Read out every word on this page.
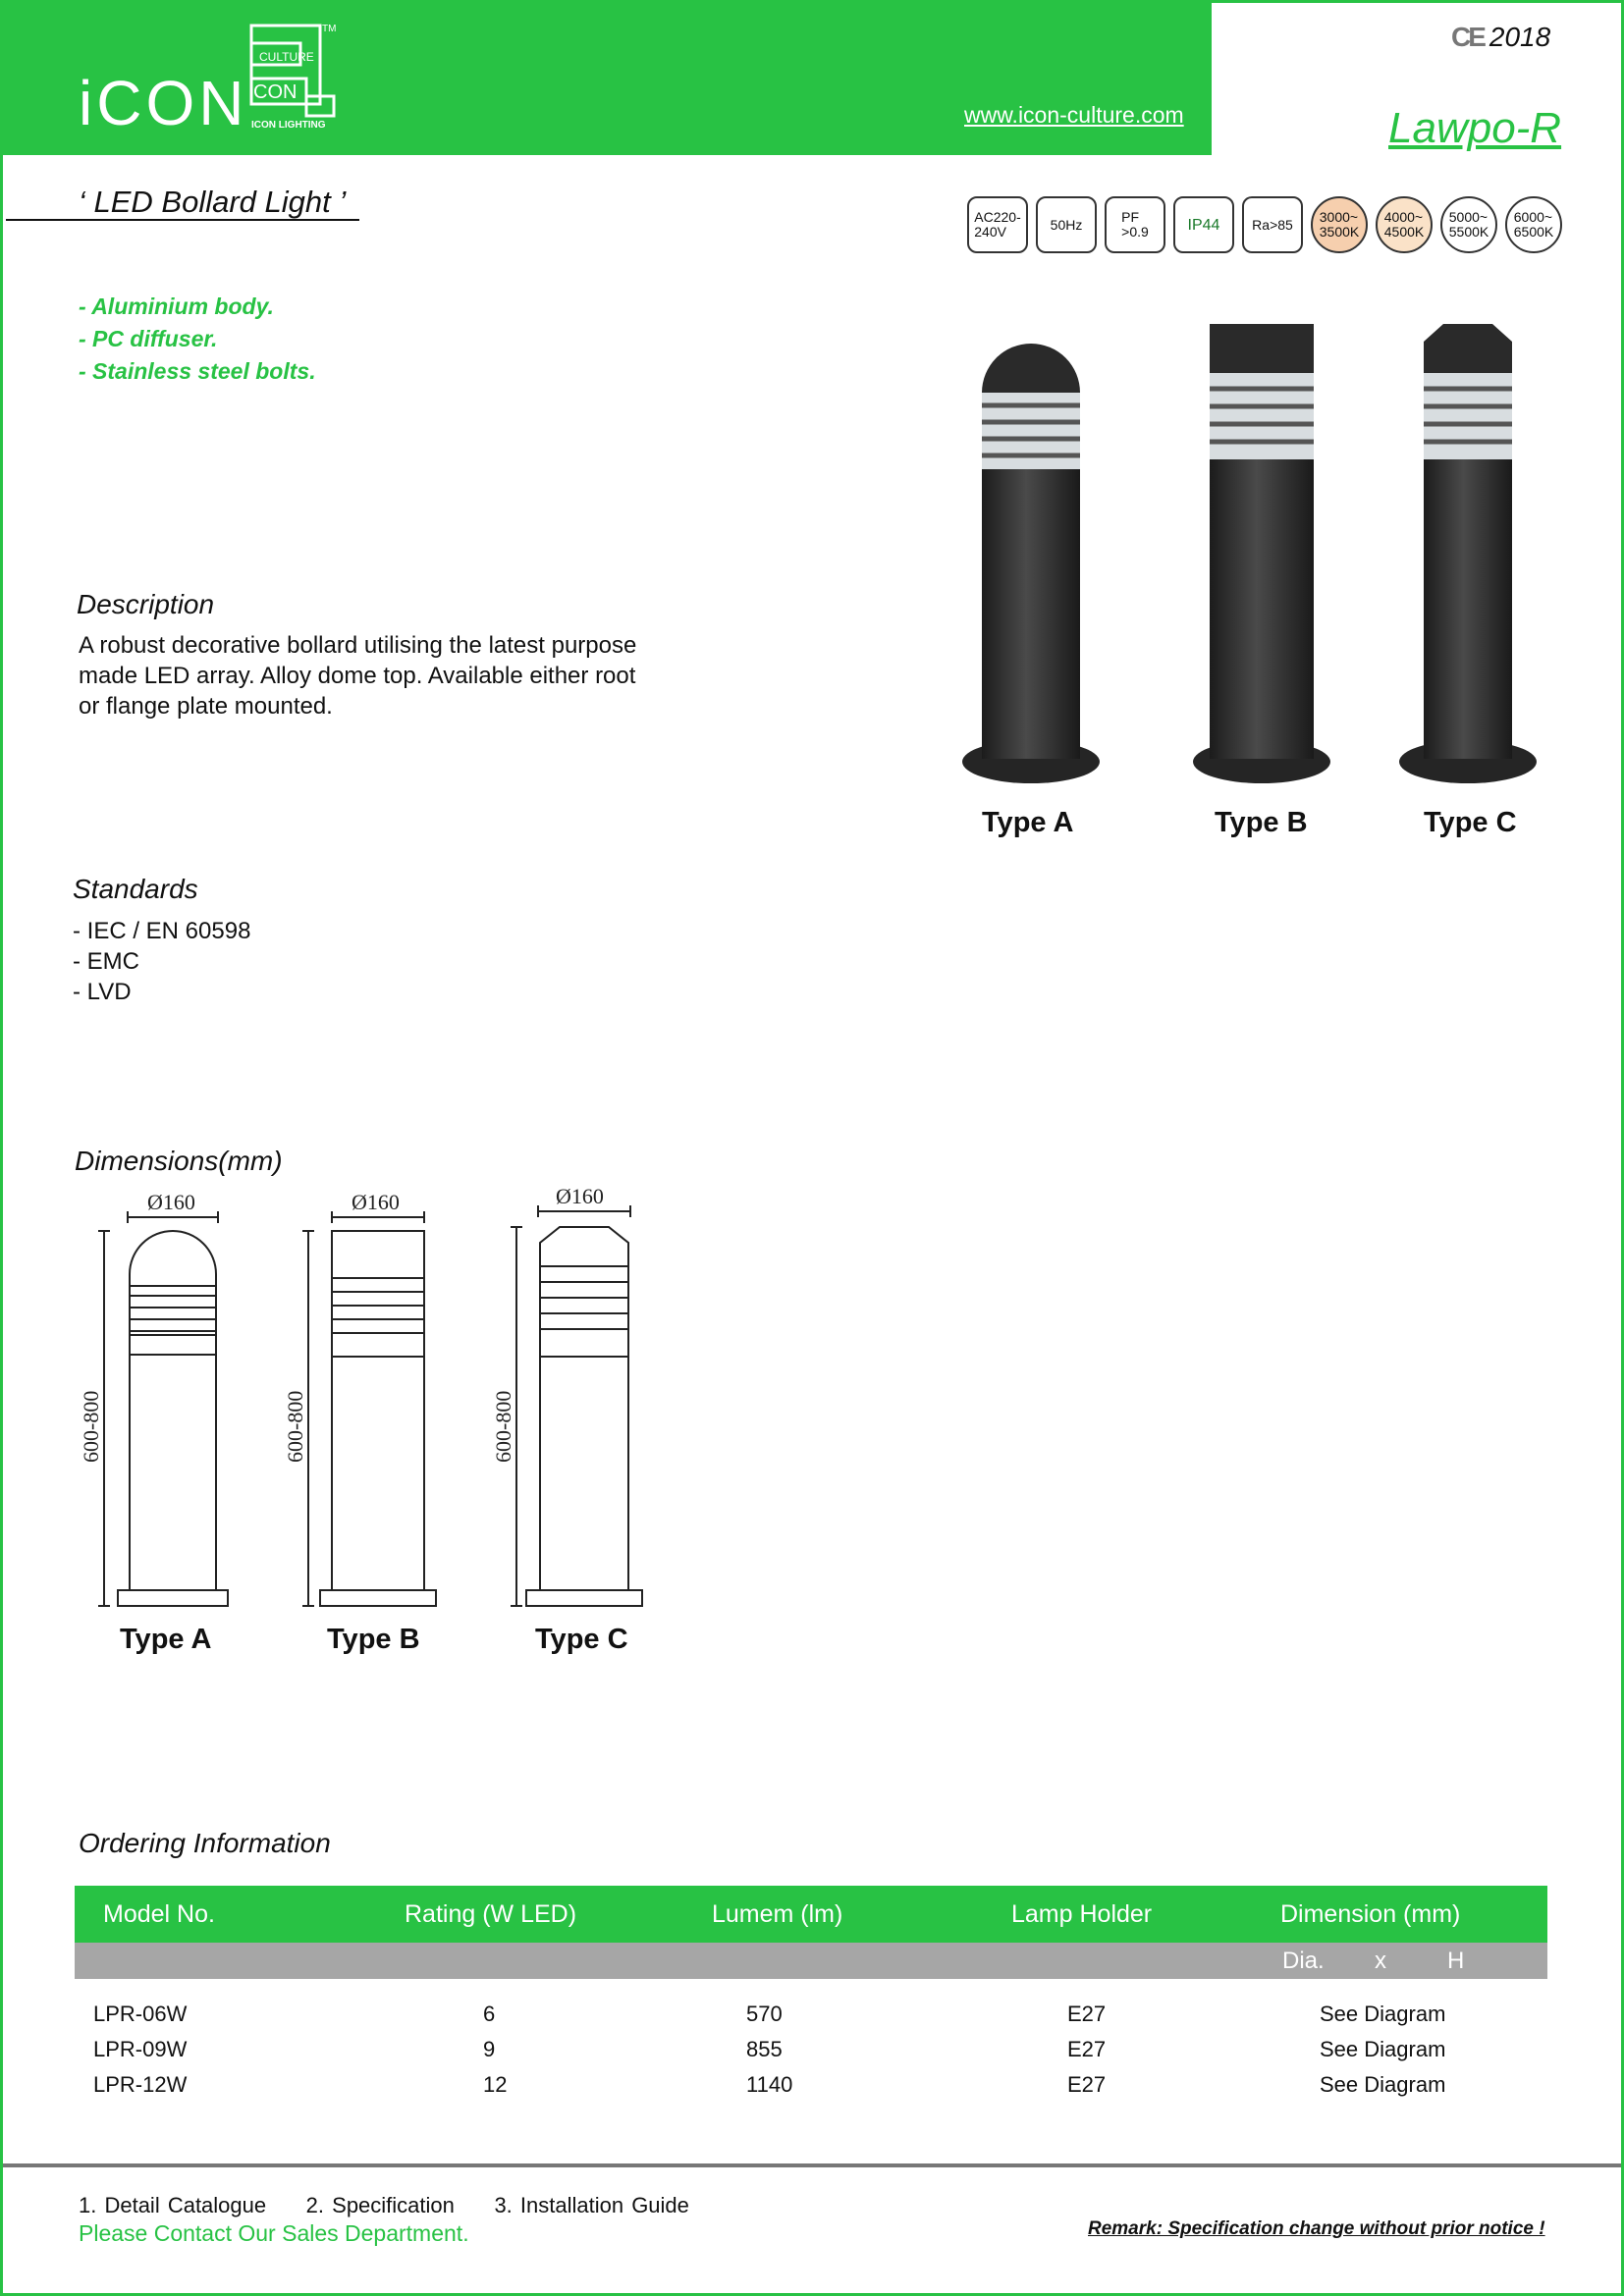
iCON
CULTURE
CON
ICON LIGHTING
TM
www.icon-culture.com
CE 2018
Lawpo-R
‘ LED Bollard Light ’	AC220-
240V	50Hz	PF
>0.9	IP44	Ra>85	3000~
3500K
4000~
4500K
5000~
5500K
6000~
6500K
- Aluminium body.
- PC diffuser.
- Stainless steel bolts.
Description
A robust decorative bollard utilising the latest purpose
made LED array. Alloy dome top. Available either root
or flange plate mounted.
Type A	Type B	Type C
Standards
- IEC / EN 60598
- EMC
- LVD
Dimensions(mm)
Ø160	Ø160	Ø160
600-800	600-800	600-800
Type A	Type B	Type C
Ordering Information
Model No.	Rating (W LED)	Lumem (lm)	Lamp Holder	Dimension (mm)
Dia. x	H
LPR-06W	6	570	E27	See Diagram
LPR-09W	9	855	E27	See Diagram
LPR-12W	12	1140	E27	See Diagram
1. Detail Catalogue     2. Specification     3. Installation Guide
Please Contact Our Sales Department.	Remark: Specification change without prior notice !
